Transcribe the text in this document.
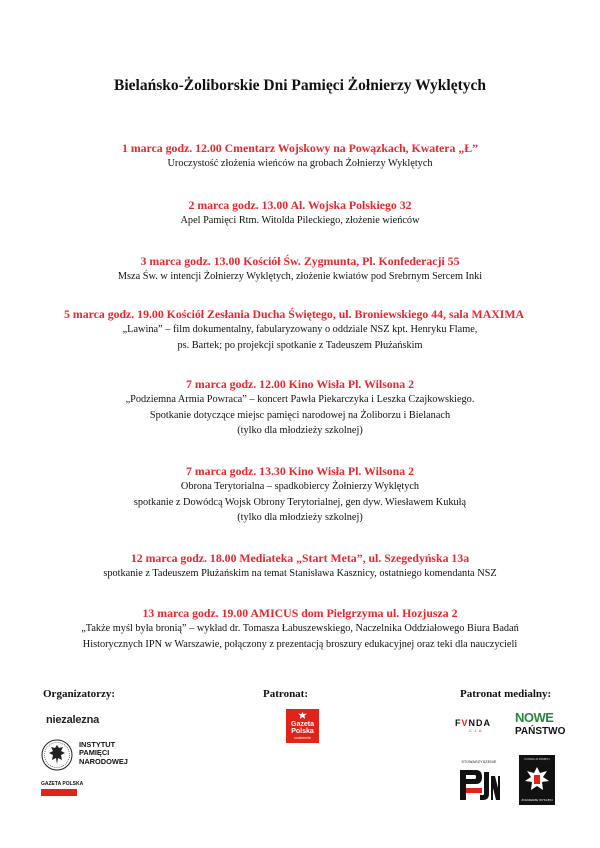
Bielańsko-Żoliborskie Dni Pamięci Żołnierzy Wyklętych
1 marca godz. 12.00 Cmentarz Wojskowy na Powązkach, Kwatera „Ł”
Uroczystość złożenia wieńców na grobach Żołnierzy Wyklętych
2 marca godz. 13.00 Al. Wojska Polskiego 32
Apel Pamięci Rtm. Witolda Pileckiego, złożenie wieńców
3 marca godz. 13.00 Kościół Św. Zygmunta, Pl. Konfederacji 55
Msza Św. w intencji Żołnierzy Wyklętych, złożenie kwiatów pod Srebrnym Sercem Inki
5 marca godz. 19.00 Kościół Zesłania Ducha Świętego, ul. Broniewskiego 44, sala MAXIMA
„Lawina” – film dokumentalny, fabularyzowany o oddziale NSZ kpt. Henryku Flame,
ps. Bartek; po projekcji spotkanie z Tadeuszem Płużańskim
7 marca godz. 12.00 Kino Wisła Pl. Wilsona 2
„Podziemna Armia Powraca” – koncert Pawła Piekarczyka i Leszka Czajkowskiego.
Spotkanie dotyczące miejsc pamięci narodowej na Żoliborzu i Bielanach
(tylko dla młodzieży szkolnej)
7 marca godz. 13.30 Kino Wisła Pl. Wilsona 2
Obrona Terytorialna – spadkobiercy Żołnierzy Wyklętych
spotkanie z Dowódcą Wojsk Obrony Terytorialnej, gen dyw. Wiesławem Kukułą
(tylko dla młodzieży szkolnej)
12 marca godz. 18.00 Mediateka „Start Meta”, ul. Szegedyńska 13a
spotkanie z Tadeuszem Płużańskim na temat Stanisława Kasznicy, ostatniego komendanta NSZ
13 marca godz. 19.00 AMICUS dom Pielgrzyma ul. Hozjusza 2
„Także myśl była bronią” – wykład dr. Tomasza Łabuszewskiego, Naczelnika Oddziałowego Biura Badań
Historycznych IPN w Warszawie, połączony z prezentacją broszury edukacyjnej oraz teki dla nauczycieli
Organizatorzy:	Patronat:	Patronat medialny:
niezalezna
INSTYTUT
PAMIĘCI
NARODOWEJ
GAZETA POLSKA
Gazeta
Polska
codziennie
FVNDA
CJA
NOWE
PAŃSTWO
STOWARZYSZENIE
FUNDACJA PAMIĘCI
ŻOŁNIERZE WYKLĘCI
